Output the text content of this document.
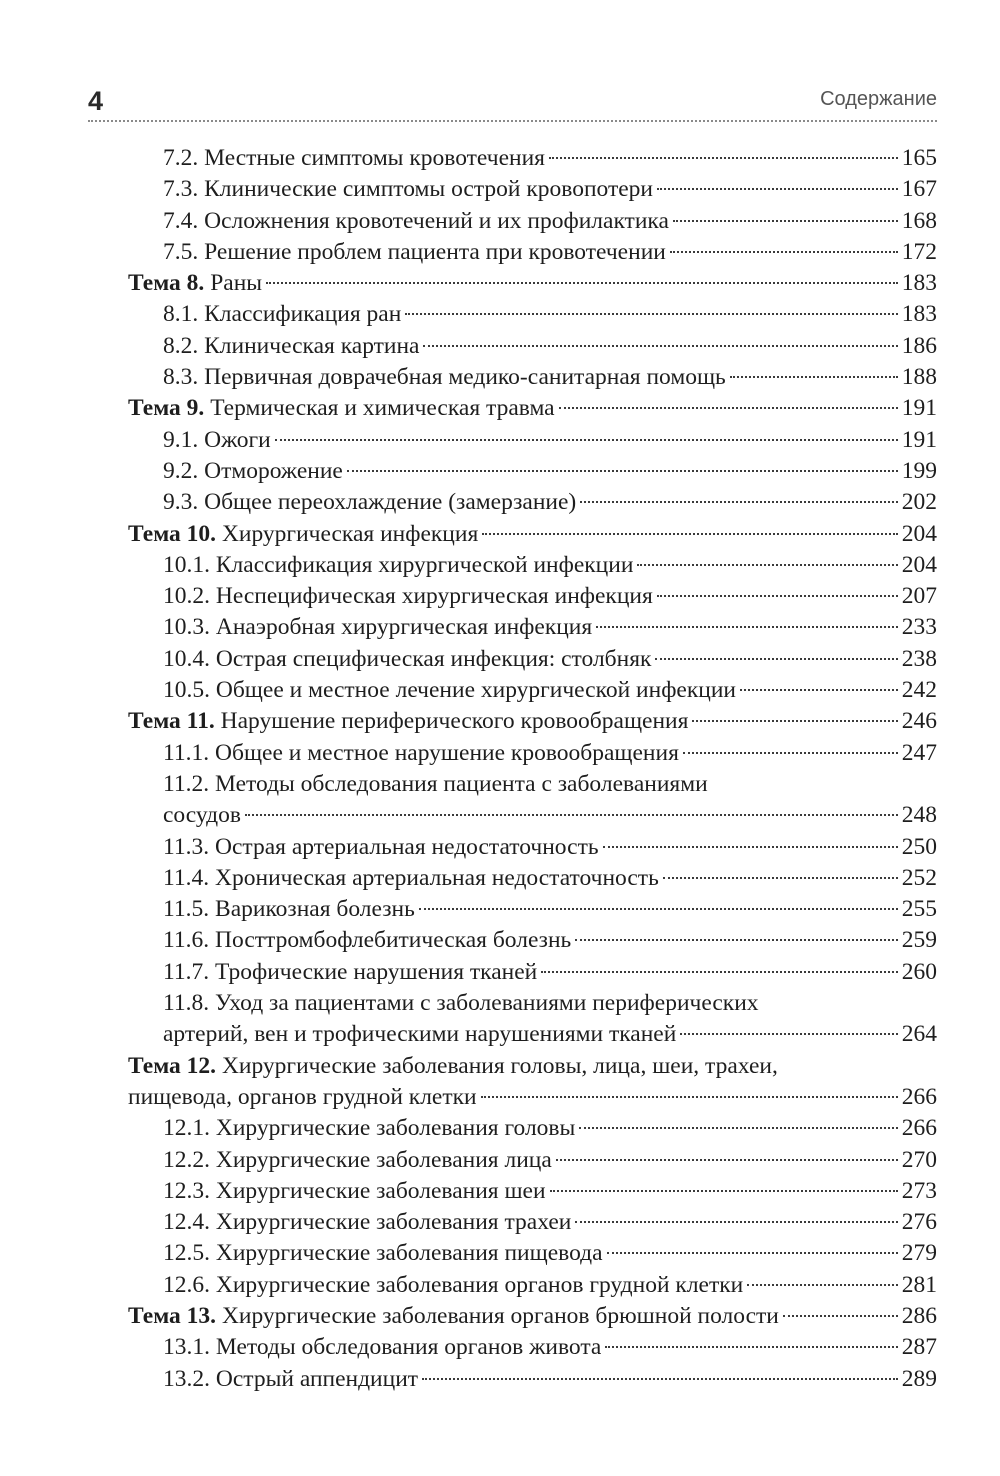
4	Содержание
7.2. Местные симптомы кровотечения	165
7.3. Клинические симптомы острой кровопотери	167
7.4. Осложнения кровотечений и их профилактика	168
7.5. Решение проблем пациента при кровотечении	172
Тема 8. Раны	183
8.1. Классификация ран	183
8.2. Клиническая картина	186
8.3. Первичная доврачебная медико-санитарная помощь	188
Тема 9. Термическая и химическая травма	191
9.1. Ожоги	191
9.2. Отморожение	199
9.3. Общее переохлаждение (замерзание)	202
Тема 10. Хирургическая инфекция	204
10.1. Классификация хирургической инфекции	204
10.2. Неспецифическая хирургическая инфекция	207
10.3. Анаэробная хирургическая инфекция	233
10.4. Острая специфическая инфекция: столбняк	238
10.5. Общее и местное лечение хирургической инфекции	242
Тема 11. Нарушение периферического кровообращения	246
11.1. Общее и местное нарушение кровообращения	247
11.2. Методы обследования пациента с заболеваниями
сосудов	248
11.3. Острая артериальная недостаточность	250
11.4. Хроническая артериальная недостаточность	252
11.5. Варикозная болезнь	255
11.6. Посттромбофлебитическая болезнь	259
11.7. Трофические нарушения тканей	260
11.8. Уход за пациентами с заболеваниями периферических
артерий, вен и трофическими нарушениями тканей	264
Тема 12. Хирургические заболевания головы, лица, шеи, трахеи,
пищевода, органов грудной клетки	266
12.1. Хирургические заболевания головы	266
12.2. Хирургические заболевания лица	270
12.3. Хирургические заболевания шеи	273
12.4. Хирургические заболевания трахеи	276
12.5. Хирургические заболевания пищевода	279
12.6. Хирургические заболевания органов грудной клетки	281
Тема 13. Хирургические заболевания органов брюшной полости	286
13.1. Методы обследования органов живота	287
13.2. Острый аппендицит	289
